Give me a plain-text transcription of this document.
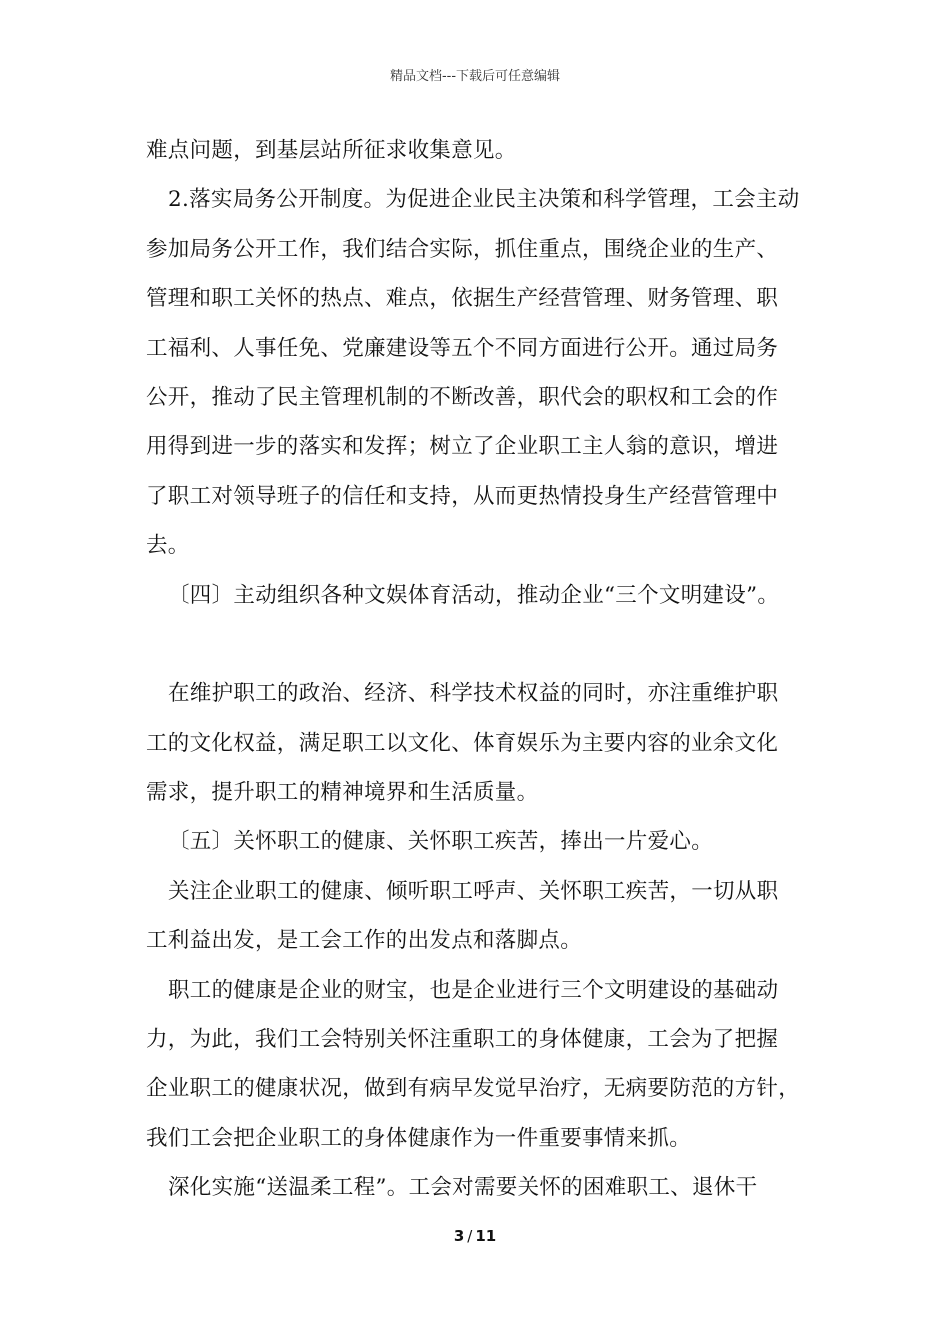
精品文档---下载后可任意编辑
难点问题，到基层站所征求收集意见。
2.落实局务公开制度。为促进企业民主决策和科学管理，工会主动
参加局务公开工作，我们结合实际，抓住重点，围绕企业的生产、
管理和职工关怀的热点、难点，依据生产经营管理、财务管理、职
工福利、人事任免、党廉建设等五个不同方面进行公开。通过局务
公开，推动了民主管理机制的不断改善，职代会的职权和工会的作
用得到进一步的落实和发挥；树立了企业职工主人翁的意识，增进
了职工对领导班子的信任和支持，从而更热情投身生产经营管理中
去。
〔四〕主动组织各种文娱体育活动，推动企业“三个文明建设”。
在维护职工的政治、经济、科学技术权益的同时，亦注重维护职
工的文化权益，满足职工以文化、体育娱乐为主要内容的业余文化
需求，提升职工的精神境界和生活质量。
〔五〕关怀职工的健康、关怀职工疾苦，捧出一片爱心。
关注企业职工的健康、倾听职工呼声、关怀职工疾苦，一切从职
工利益出发，是工会工作的出发点和落脚点。
职工的健康是企业的财宝，也是企业进行三个文明建设的基础动
力，为此，我们工会特别关怀注重职工的身体健康，工会为了把握
企业职工的健康状况，做到有病早发觉早治疗，无病要防范的方针，
我们工会把企业职工的身体健康作为一件重要事情来抓。
深化实施“送温柔工程”。工会对需要关怀的困难职工、退休干
3 / 11
